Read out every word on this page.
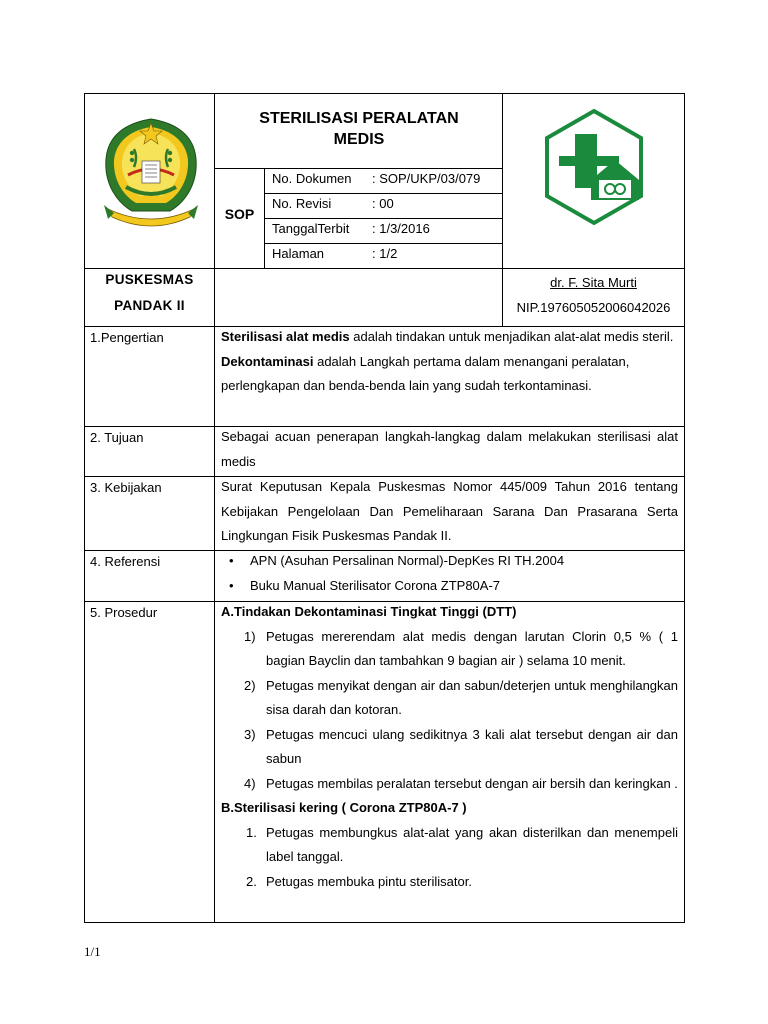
STERILISASI PERALATAN
MEDIS
SOP
No. Dokumen : SOP/UKP/03/079
No. Revisi	: 00
TanggalTerbit : 1/3/2016
Halaman	: 1/2
PUSKESMAS
PANDAK II
dr. F. Sita Murti
NIP.197605052006042026
1.Pengertian	Sterilisasi alat medis adalah tindakan untuk menjadikan alat-alat medis steril.
Dekontaminasi adalah Langkah pertama dalam menangani peralatan, perlengkapan dan benda-benda lain yang sudah terkontaminasi.
2. Tujuan	Sebagai acuan penerapan langkah-langkag dalam melakukan sterilisasi alat medis
3. Kebijakan	Surat Keputusan Kepala Puskesmas Nomor 445/009 Tahun 2016 tentang Kebijakan Pengelolaan Dan Pemeliharaan Sarana Dan Prasarana Serta Lingkungan Fisik Puskesmas Pandak II.
4. Referensi	• APN (Asuhan Persalinan Normal)-DepKes RI TH.2004
• Buku Manual Sterilisator Corona ZTP80A-7
5. Prosedur	A.Tindakan Dekontaminasi Tingkat Tinggi (DTT)
1) Petugas mererendam alat medis dengan larutan Clorin 0,5 % ( 1 bagian Bayclin dan tambahkan 9 bagian air ) selama 10 menit.
2) Petugas menyikat dengan air dan sabun/deterjen untuk menghilangkan sisa darah dan kotoran.
3) Petugas mencuci ulang sedikitnya 3 kali alat tersebut dengan air dan sabun
4) Petugas membilas peralatan tersebut dengan air bersih dan keringkan .
B.Sterilisasi kering ( Corona ZTP80A-7 )
1. Petugas membungkus alat-alat yang akan disterilkan dan menempeli label tanggal.
2. Petugas membuka pintu sterilisator.
1/1
